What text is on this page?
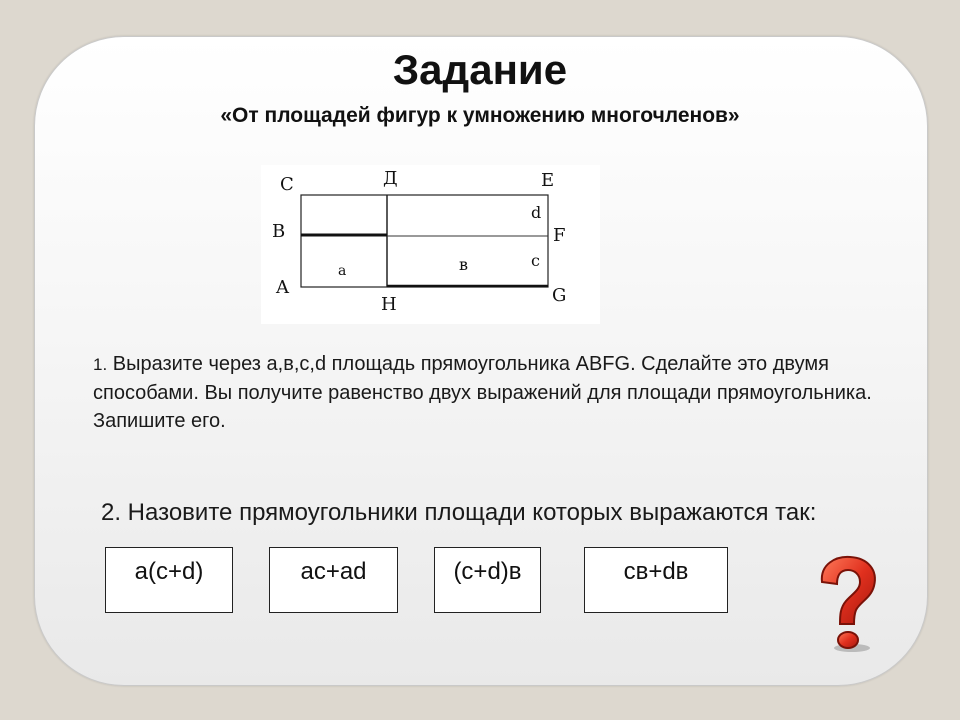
Задание
«От площадей фигур к умножению многочленов»
C	Д	E
B	F
A
H	G
a	в	c
d
1. Выразите через a,в,c,d площадь прямоугольника ABFG. Сделайте это двумя способами. Вы получите равенство двух выражений для площади прямоугольника. Запишите его.
2. Назовите прямоугольники площади которых выражаются так:
a(c+d)	ac+ad	(c+d)в	cв+dв
